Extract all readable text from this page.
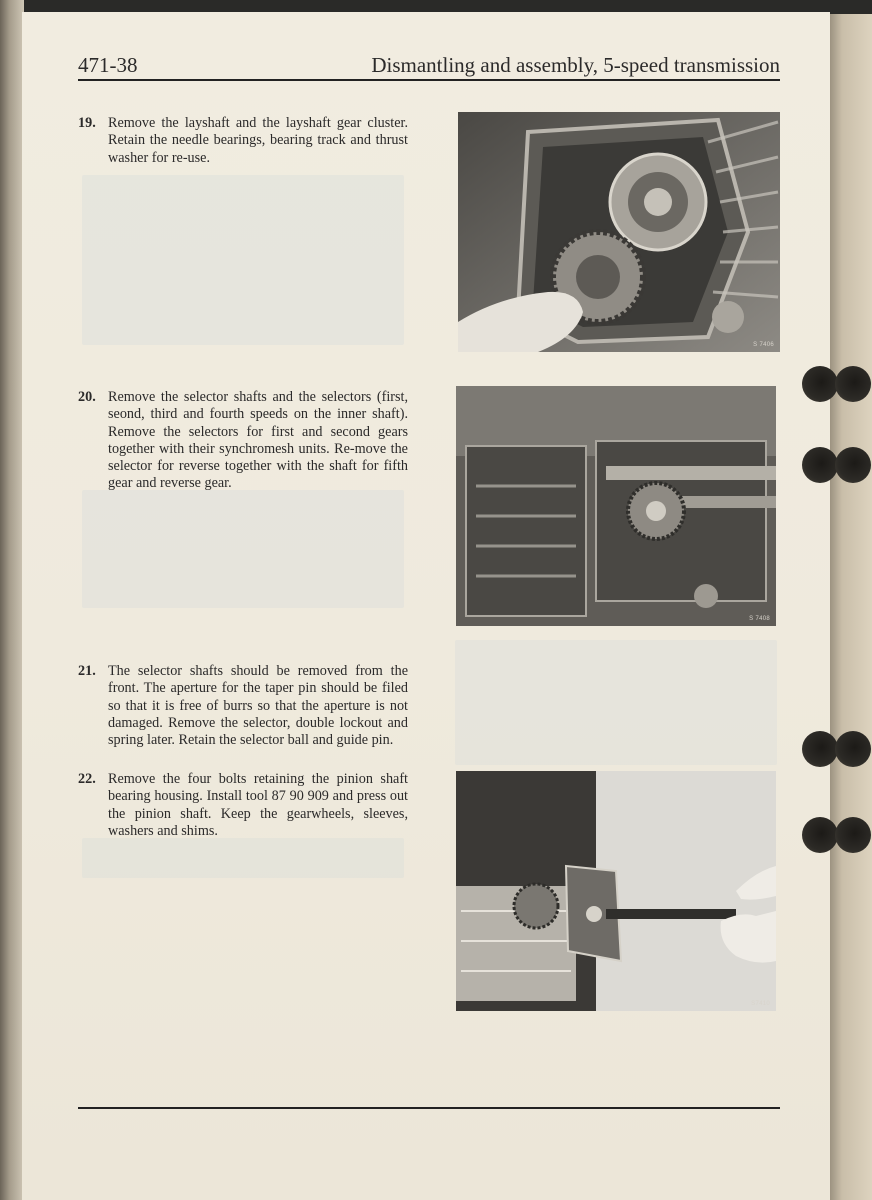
471-38	Dismantling and assembly, 5-speed transmission
19. Remove the layshaft and the layshaft gear cluster. Retain the needle bearings, bearing track and thrust washer for re-use.
20. Remove the selector shafts and the selectors (first, seond, third and fourth speeds on the inner shaft). Remove the selectors for first and second gears together with their synchromesh units. Re-move the selector for reverse together with the shaft for fifth gear and reverse gear.
21. The selector shafts should be removed from the front. The aperture for the taper pin should be filed so that it is free of burrs so that the aperture is not damaged. Remove the selector, double lockout and spring later. Retain the selector ball and guide pin.
22. Remove the four bolts retaining the pinion shaft bearing housing. Install tool 87 90 909 and press out the pinion shaft. Keep the gearwheels, sleeves, washers and shims.
S 7406
S 7408
S7410
